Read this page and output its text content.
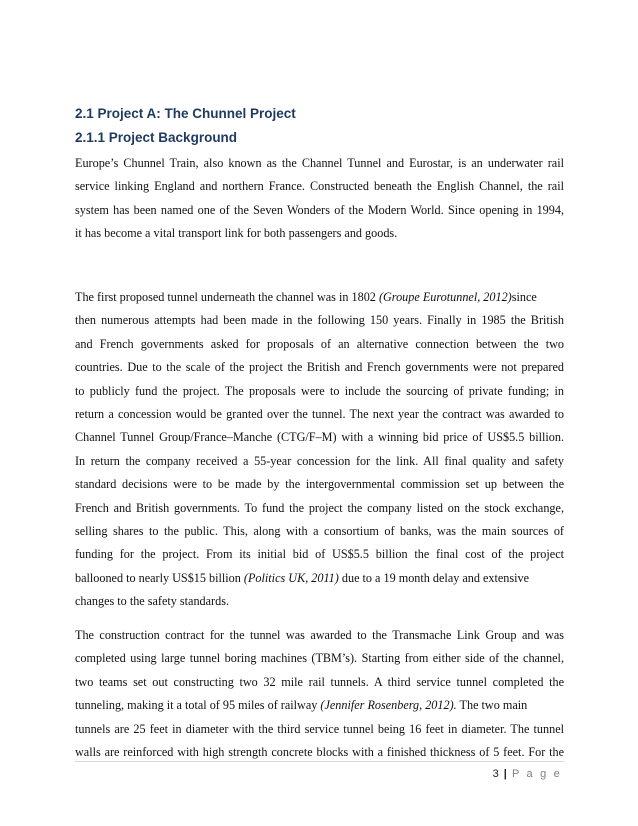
2.1 Project A: The Chunnel Project
2.1.1 Project Background
Europe’s Chunnel Train, also known as the Channel Tunnel and Eurostar, is an underwater rail
service linking England and northern France. Constructed beneath the English Channel, the rail
system has been named one of the Seven Wonders of the Modern World. Since opening in 1994,
it has become a vital transport link for both passengers and goods.
The first proposed tunnel underneath the channel was in 1802 (Groupe Eurotunnel, 2012)since
then numerous attempts had been made in the following 150 years. Finally in 1985 the British
and French governments asked for proposals of an alternative connection between the two
countries. Due to the scale of the project the British and French governments were not prepared
to publicly fund the project. The proposals were to include the sourcing of private funding; in
return a concession would be granted over the tunnel. The next year the contract was awarded to
Channel Tunnel Group/France–Manche (CTG/F–M) with a winning bid price of US$5.5 billion.
In return the company received a 55-year concession for the link. All final quality and safety
standard decisions were to be made by the intergovernmental commission set up between the
French and British governments. To fund the project the company listed on the stock exchange,
selling shares to the public. This, along with a consortium of banks, was the main sources of
funding for the project. From its initial bid of US$5.5 billion the final cost of the project
ballooned to nearly US$15 billion (Politics UK, 2011) due to a 19 month delay and extensive
changes to the safety standards.
The construction contract for the tunnel was awarded to the Transmache Link Group and was
completed using large tunnel boring machines (TBM’s). Starting from either side of the channel,
two teams set out constructing two 32 mile rail tunnels. A third service tunnel completed the
tunneling, making it a total of 95 miles of railway (Jennifer Rosenberg, 2012). The two main
tunnels are 25 feet in diameter with the third service tunnel being 16 feet in diameter. The tunnel
walls are reinforced with high strength concrete blocks with a finished thickness of 5 feet. For the
3 | P a g e
